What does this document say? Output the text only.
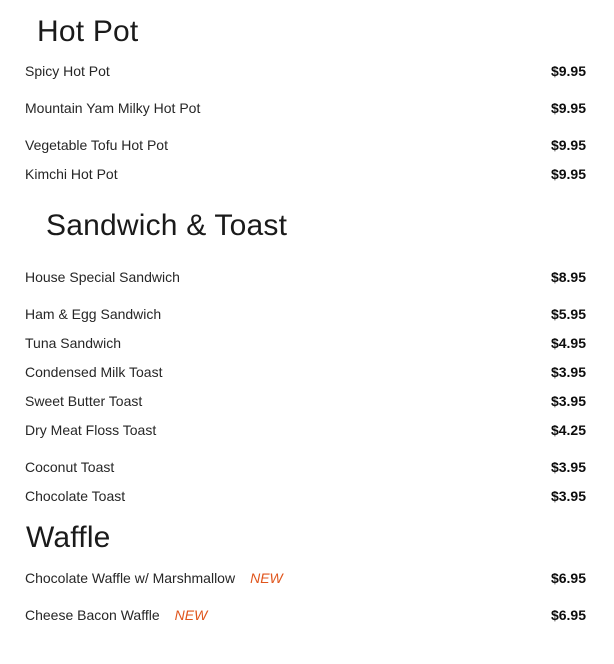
Hot Pot
Spicy Hot Pot	$9.95
Mountain Yam Milky Hot Pot	$9.95
Vegetable Tofu Hot Pot	$9.95
Kimchi Hot Pot	$9.95
Sandwich & Toast
House Special Sandwich	$8.95
Ham & Egg Sandwich	$5.95
Tuna Sandwich	$4.95
Condensed Milk Toast	$3.95
Sweet Butter Toast	$3.95
Dry Meat Floss Toast	$4.25
Coconut Toast	$3.95
Chocolate Toast	$3.95
Waffle
Chocolate Waffle w/ Marshmallow NEW	$6.95
Cheese Bacon Waffle NEW	$6.95
